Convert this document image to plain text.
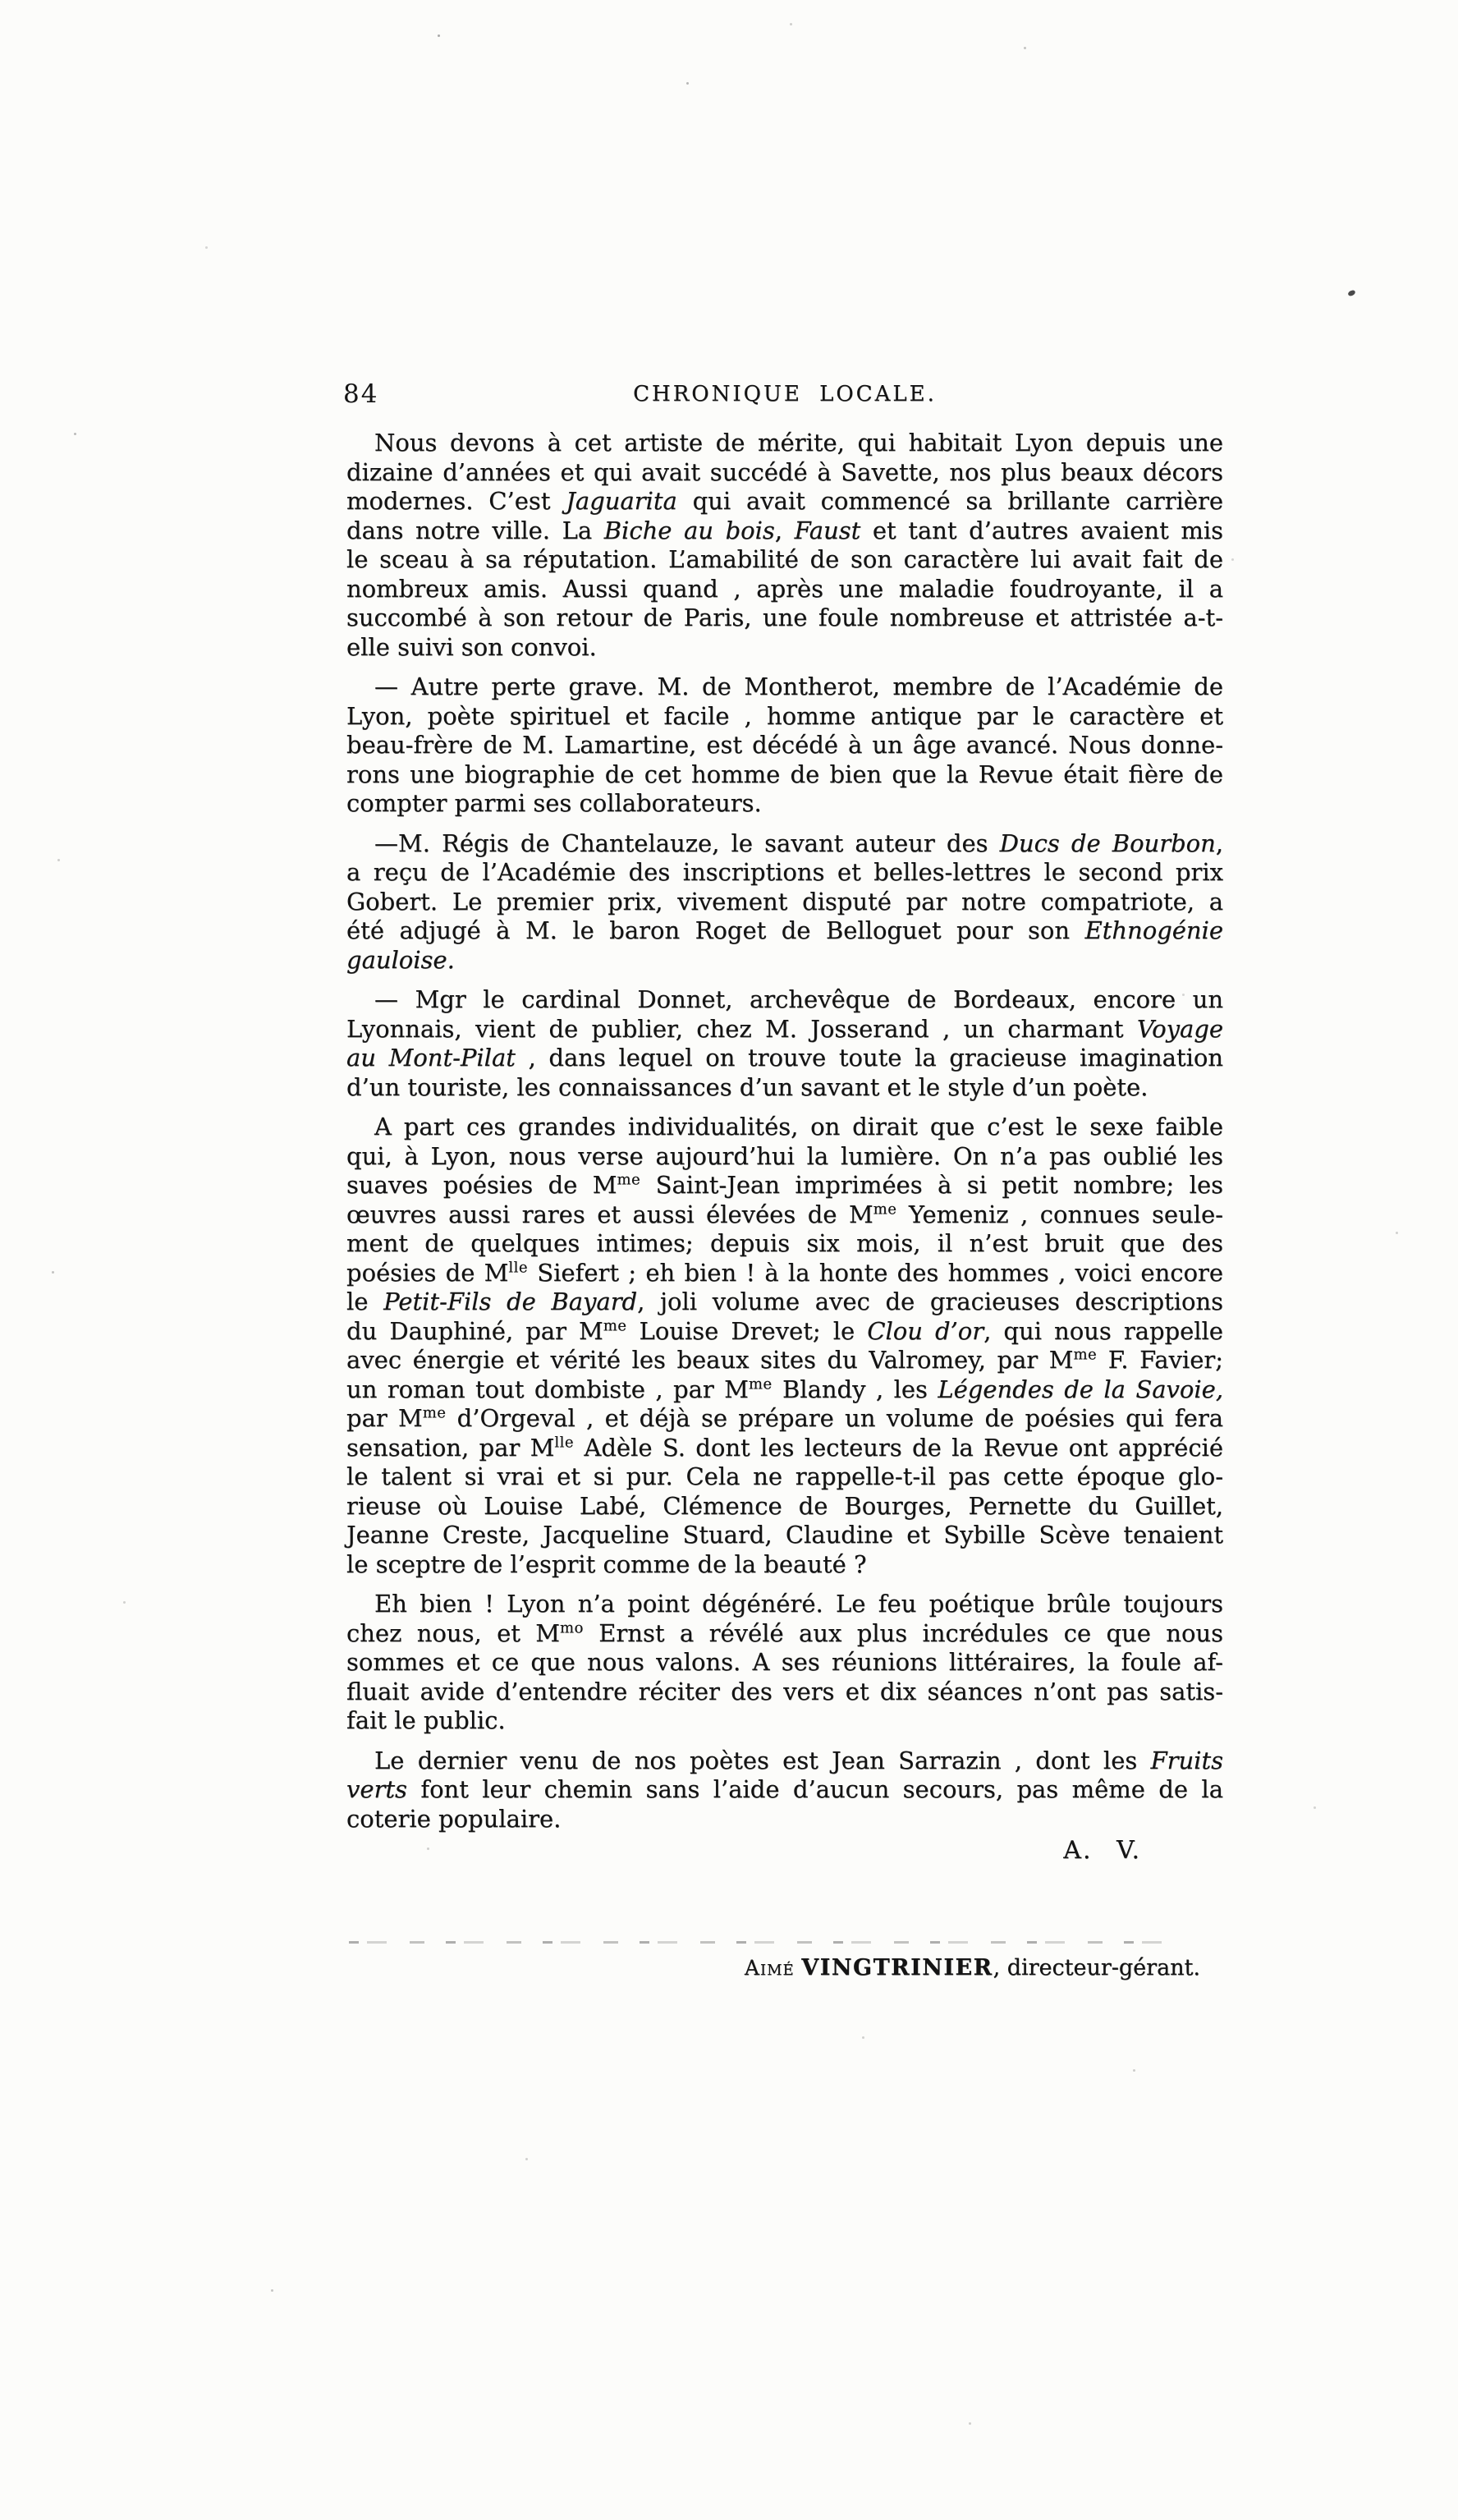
84	CHRONIQUE LOCALE.
Nous devons à cet artiste de mérite, qui habitait Lyon depuis une
dizaine d’années et qui avait succédé à Savette, nos plus beaux décors
modernes. C’est Jaguarita qui avait commencé sa brillante carrière
dans notre ville. La Biche au bois, Faust et tant d’autres avaient mis
le sceau à sa réputation. L’amabilité de son caractère lui avait fait de
nombreux amis. Aussi quand , après une maladie foudroyante, il a
succombé à son retour de Paris, une foule nombreuse et attristée a-t-
elle suivi son convoi.
— Autre perte grave. M. de Montherot, membre de l’Académie de
Lyon, poète spirituel et facile , homme antique par le caractère et
beau-frère de M. Lamartine, est décédé à un âge avancé. Nous donne-
rons une biographie de cet homme de bien que la Revue était fière de
compter parmi ses collaborateurs.
—M. Régis de Chantelauze, le savant auteur des Ducs de Bourbon,
a reçu de l’Académie des inscriptions et belles-lettres le second prix
Gobert. Le premier prix, vivement disputé par notre compatriote, a
été adjugé à M. le baron Roget de Belloguet pour son Ethnogénie
gauloise.
— Mgr le cardinal Donnet, archevêque de Bordeaux, encore un
Lyonnais, vient de publier, chez M. Josserand , un charmant Voyage
au Mont-Pilat , dans lequel on trouve toute la gracieuse imagination
d’un touriste, les connaissances d’un savant et le style d’un poète.
A part ces grandes individualités, on dirait que c’est le sexe faible
qui, à Lyon, nous verse aujourd’hui la lumière. On n’a pas oublié les
suaves poésies de $M^{me}$ Saint-Jean imprimées à si petit nombre; les
œuvres aussi rares et aussi élevées de $M^{me}$ Yemeniz , connues seule-
ment de quelques intimes; depuis six mois, il n’est bruit que des
poésies de $M^{lle}$ Siefert ; eh bien ! à la honte des hommes , voici encore
le Petit-Fils de Bayard, joli volume avec de gracieuses descriptions
du Dauphiné, par $M^{me}$ Louise Drevet; le Clou d’or, qui nous rappelle
avec énergie et vérité les beaux sites du Valromey, par $M^{me}$ F. Favier;
un roman tout dombiste , par $M^{me}$ Blandy , les Légendes de la Savoie,
par $M^{me}$ d’Orgeval , et déjà se prépare un volume de poésies qui fera
sensation, par $M^{lle}$ Adèle S. dont les lecteurs de la Revue ont apprécié
le talent si vrai et si pur. Cela ne rappelle-t-il pas cette époque glo-
rieuse où Louise Labé, Clémence de Bourges, Pernette du Guillet,
Jeanne Creste, Jacqueline Stuard, Claudine et Sybille Scève tenaient
le sceptre de l’esprit comme de la beauté ?
Eh bien ! Lyon n’a point dégénéré. Le feu poétique brûle toujours
chez nous, et $M^{mo}$ Ernst a révélé aux plus incrédules ce que nous
sommes et ce que nous valons. A ses réunions littéraires, la foule af-
fluait avide d’entendre réciter des vers et dix séances n’ont pas satis-
fait le public.
Le dernier venu de nos poètes est Jean Sarrazin , dont les Fruits
verts font leur chemin sans l’aide d’aucun secours, pas même de la
coterie populaire.
A. V.
Aimé VINGTRINIER, directeur-gérant.
